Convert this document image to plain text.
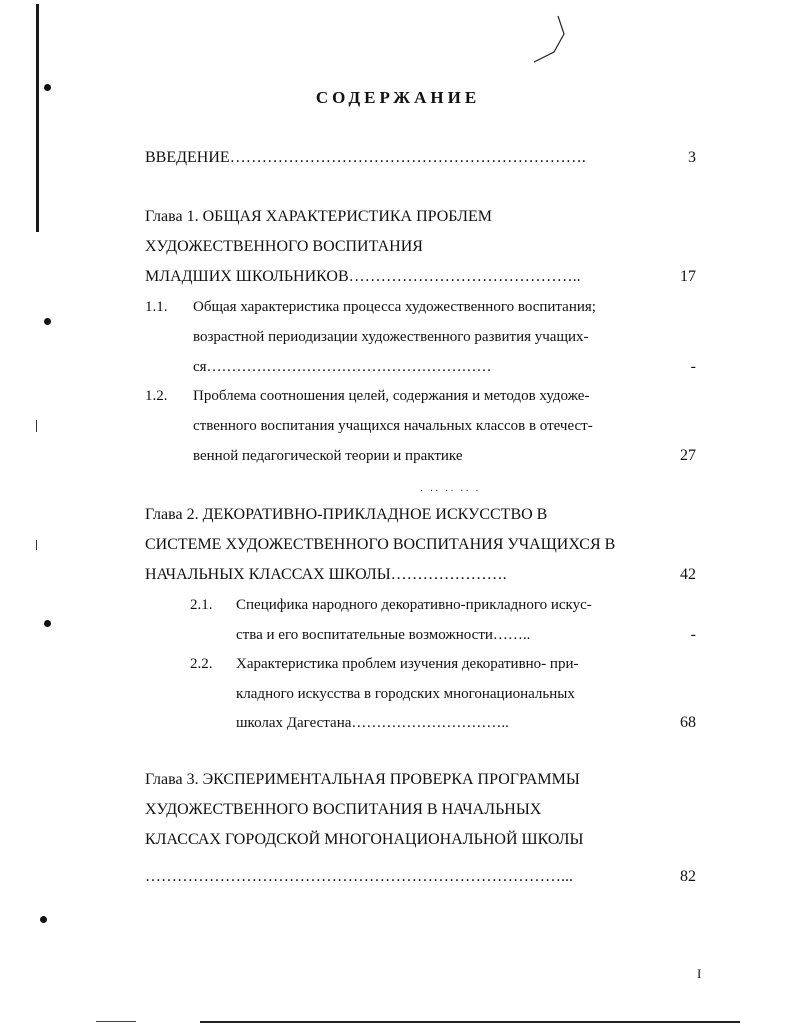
· ·· ·· ·· ·
СОДЕРЖАНИЕ
ВВЕДЕНИЕ………………………………………………………….	3
Глава 1. ОБЩАЯ ХАРАКТЕРИСТИКА ПРОБЛЕМ
ХУДОЖЕСТВЕННОГО ВОСПИТАНИЯ
МЛАДШИХ ШКОЛЬНИКОВ……………………………………..	17
1.1. Общая характеристика процесса художественного воспитания;
возрастной периодизации художественного развития учащих-
ся…………………………………………………	-
1.2. Проблема соотношения целей, содержания и методов художе-
ственного воспитания учащихся начальных классов в отечест-
венной педагогической теории и практике	27
Глава 2. ДЕКОРАТИВНО-ПРИКЛАДНОЕ ИСКУССТВО В
СИСТЕМЕ ХУДОЖЕСТВЕННОГО ВОСПИТАНИЯ УЧАЩИХСЯ В
НАЧАЛЬНЫХ КЛАССАХ ШКОЛЫ………………….	42
2.1. Специфика народного декоративно-прикладного искус-
ства и его воспитательные возможности……..	-
2.2. Характеристика проблем изучения декоративно- при-
кладного искусства в городских многонациональных
школах Дагестана…………………………..	68
Глава 3. ЭКСПЕРИМЕНТАЛЬНАЯ ПРОВЕРКА ПРОГРАММЫ
ХУДОЖЕСТВЕННОГО ВОСПИТАНИЯ В НАЧАЛЬНЫХ
КЛАССАХ ГОРОДСКОЙ МНОГОНАЦИОНАЛЬНОЙ ШКОЛЫ
……………………………………………………………………...	82
I
